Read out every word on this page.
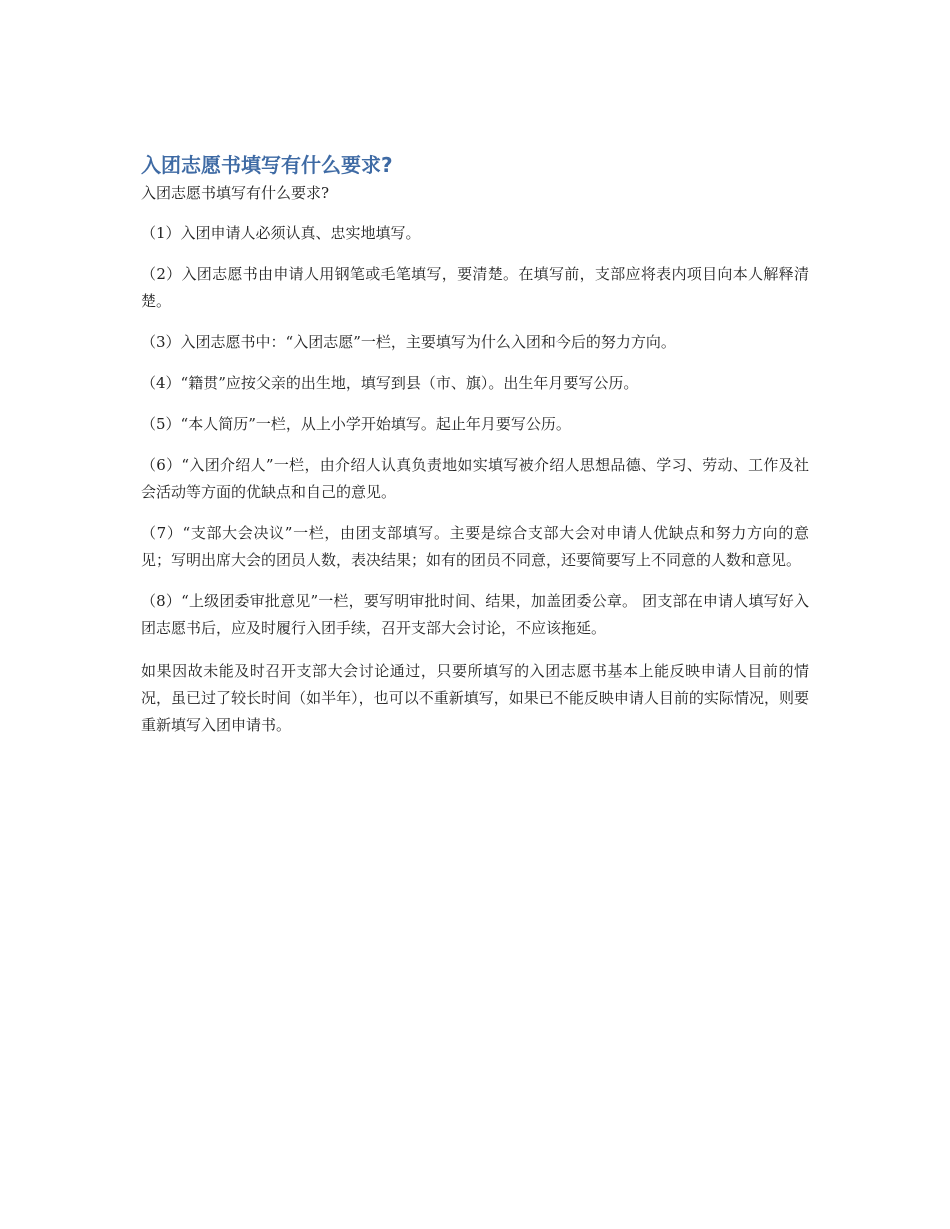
入团志愿书填写有什么要求?

入团志愿书填写有什么要求?

（1）入团申请人必须认真、忠实地填写。

（2）入团志愿书由申请人用钢笔或毛笔填写，要清楚。在填写前，支部应将表内项目向本人解释清楚。

（3）入团志愿书中：“入团志愿”一栏，主要填写为什么入团和今后的努力方向。

（4）“籍贯”应按父亲的出生地，填写到县（市、旗）。出生年月要写公历。

（5）“本人简历”一栏，从上小学开始填写。起止年月要写公历。

（6）“入团介绍人”一栏，由介绍人认真负责地如实填写被介绍人思想品德、学习、劳动、工作及社会活动等方面的优缺点和自己的意见。

（7）“支部大会决议”一栏，由团支部填写。主要是综合支部大会对申请人优缺点和努力方向的意见；写明出席大会的团员人数，表决结果；如有的团员不同意，还要简要写上不同意的人数和意见。

（8）“上级团委审批意见”一栏，要写明审批时间、结果，加盖团委公章。 团支部在申请人填写好入团志愿书后，应及时履行入团手续，召开支部大会讨论，不应该拖延。

如果因故未能及时召开支部大会讨论通过，只要所填写的入团志愿书基本上能反映申请人目前的情况，虽已过了较长时间（如半年），也可以不重新填写，如果已不能反映申请人目前的实际情况，则要重新填写入团申请书。
